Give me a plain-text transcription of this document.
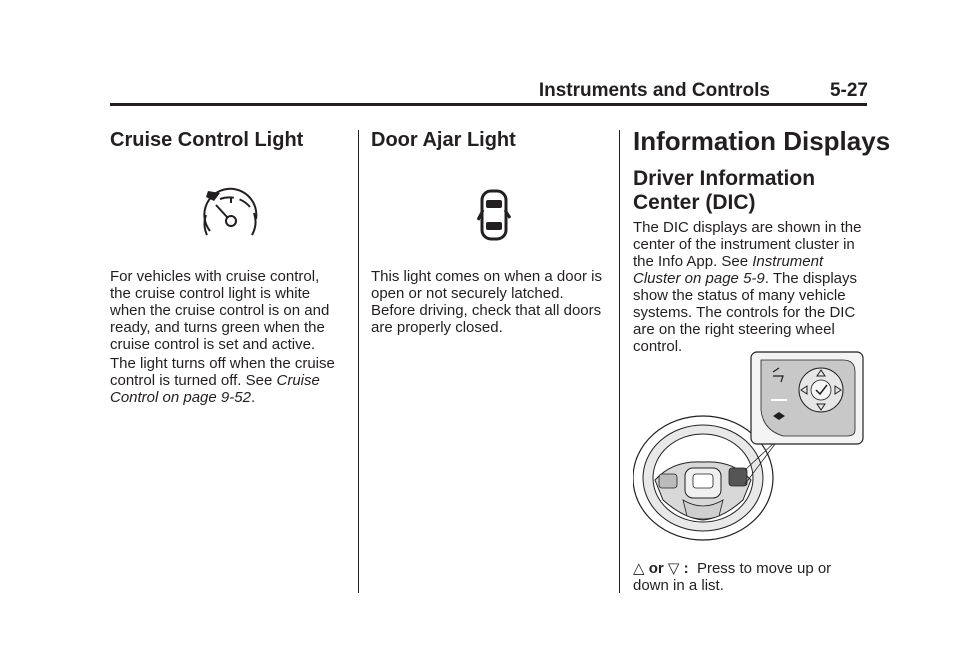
Instruments and Controls	5-27
Cruise Control Light

For vehicles with cruise control, the cruise control light is white when the cruise control is on and ready, and turns green when the cruise control is set and active.

The light turns off when the cruise control is turned off. See Cruise Control on page 9-52.

Door Ajar Light

This light comes on when a door is open or not securely latched. Before driving, check that all doors are properly closed.

Information Displays
Driver Information Center (DIC)

The DIC displays are shown in the center of the instrument cluster in the Info App. See Instrument Cluster on page 5-9. The displays show the status of many vehicle systems. The controls for the DIC are on the right steering wheel control.

△ or ▽ : Press to move up or down in a list.
